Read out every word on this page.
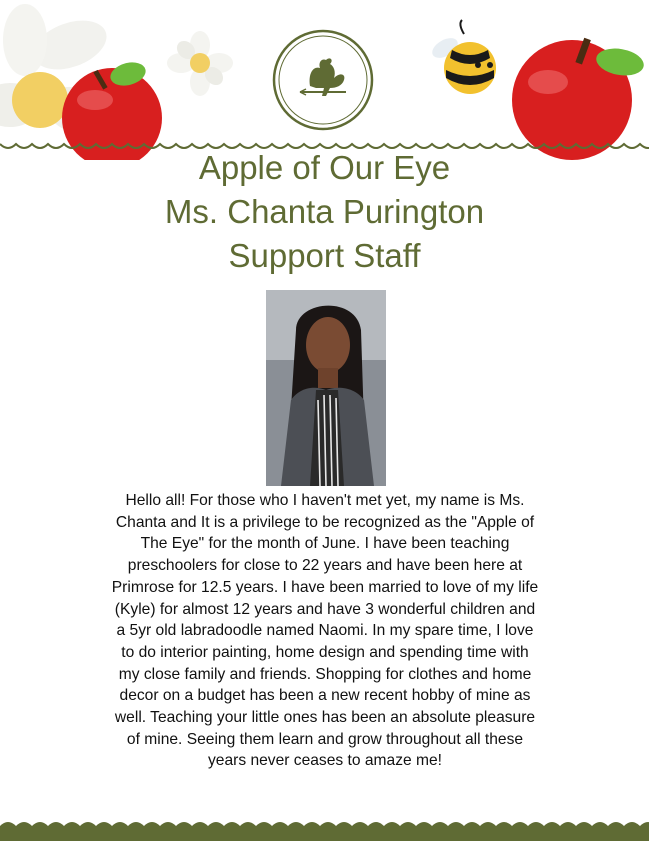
Apple of Our Eye
Ms. Chanta Purington
Support Staff
Hello all! For those who I haven't met yet, my name is Ms. Chanta and It is a privilege to be recognized as the "Apple of The Eye" for the month of June. I have been teaching preschoolers for close to 22 years and have been here at Primrose for 12.5 years. I have been married to love of my life (Kyle) for almost 12 years and have 3 wonderful children and a 5yr old labradoodle named Naomi. In my spare time, I love to do interior painting, home design and spending time with my close family and friends. Shopping for clothes and home decor on a budget has been a new recent hobby of mine as well. Teaching your little ones has been an absolute pleasure of mine. Seeing them learn and grow throughout all these years never ceases to amaze me!
